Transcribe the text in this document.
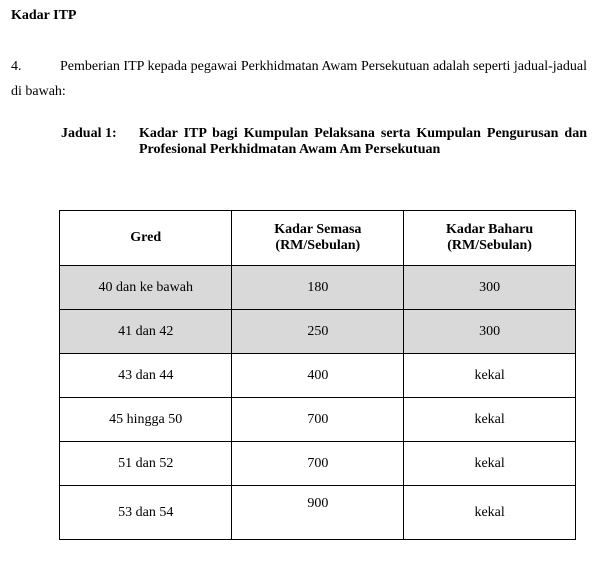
Kadar ITP

4.	Pemberian ITP kepada pegawai Perkhidmatan Awam Persekutuan adalah seperti jadual-jadual di bawah:

Jadual 1:	Kadar ITP bagi Kumpulan Pelaksana serta Kumpulan Pengurusan dan Profesional Perkhidmatan Awam Am Persekutuan
Gred	Kadar Semasa (RM/Sebulan)	Kadar Baharu (RM/Sebulan)
40 dan ke bawah	180	300
41 dan 42	250	300
43 dan 44	400	kekal
45 hingga 50	700	kekal
51 dan 52	700	kekal
53 dan 54	900	kekal
